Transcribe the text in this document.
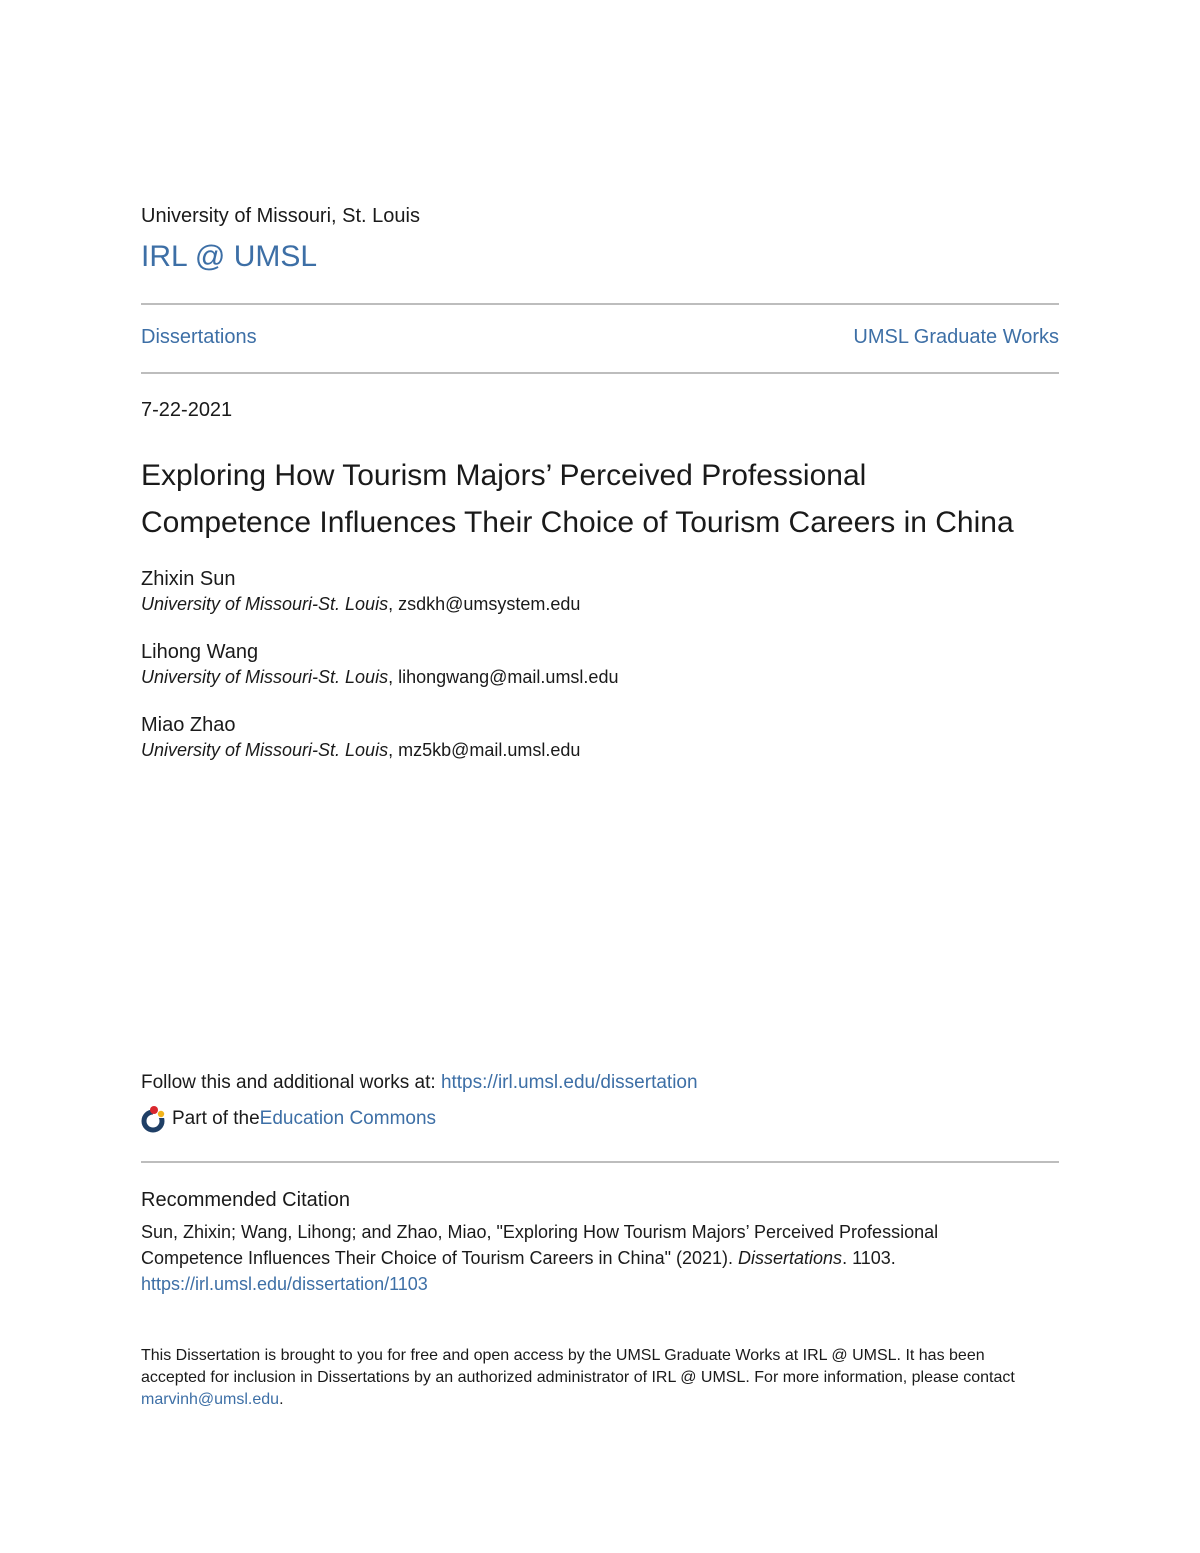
University of Missouri, St. Louis
IRL @ UMSL
Dissertations	UMSL Graduate Works
7-22-2021
Exploring How Tourism Majors’ Perceived Professional
Competence Influences Their Choice of Tourism Careers in China
Zhixin Sun
University of Missouri-St. Louis, zsdkh@umsystem.edu
Lihong Wang
University of Missouri-St. Louis, lihongwang@mail.umsl.edu
Miao Zhao
University of Missouri-St. Louis, mz5kb@mail.umsl.edu
Follow this and additional works at: https://irl.umsl.edu/dissertation
Part of the Education Commons
Recommended Citation
Sun, Zhixin; Wang, Lihong; and Zhao, Miao, "Exploring How Tourism Majors’ Perceived Professional Competence Influences Their Choice of Tourism Careers in China" (2021). Dissertations. 1103.
https://irl.umsl.edu/dissertation/1103
This Dissertation is brought to you for free and open access by the UMSL Graduate Works at IRL @ UMSL. It has been accepted for inclusion in Dissertations by an authorized administrator of IRL @ UMSL. For more information, please contact marvinh@umsl.edu.
